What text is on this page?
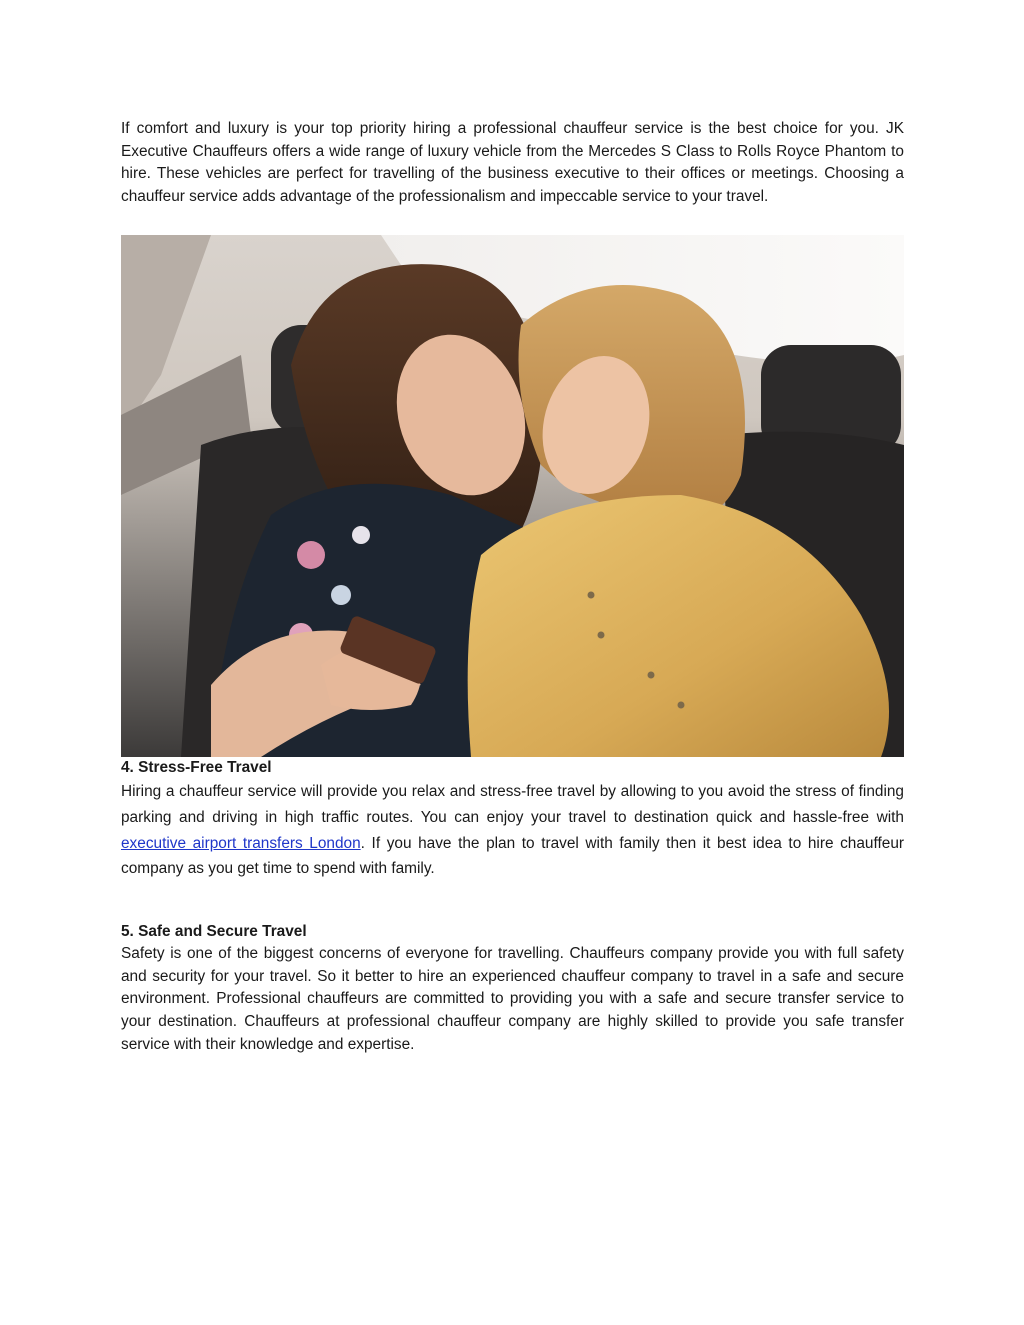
If comfort and luxury is your top priority hiring a professional chauffeur service is the best choice for you. JK Executive Chauffeurs offers a wide range of luxury vehicle from the Mercedes S Class to Rolls Royce Phantom to hire. These vehicles are perfect for travelling of the business executive to their offices or meetings. Choosing a chauffeur service adds advantage of the professionalism and impeccable service to your travel.

4. Stress-Free Travel

Hiring a chauffeur service will provide you relax and stress-free travel by allowing to you avoid the stress of finding parking and driving in high traffic routes. You can enjoy your travel to destination quick and hassle-free with executive airport transfers London. If you have the plan to travel with family then it best idea to hire chauffeur company as you get time to spend with family.

5. Safe and Secure Travel

Safety is one of the biggest concerns of everyone for travelling. Chauffeurs company provide you with full safety and security for your travel. So it better to hire an experienced chauffeur company to travel in a safe and secure environment. Professional chauffeurs are committed to providing you with a safe and secure transfer service to your destination. Chauffeurs at professional chauffeur company are highly skilled to provide you safe transfer service with their knowledge and expertise.
